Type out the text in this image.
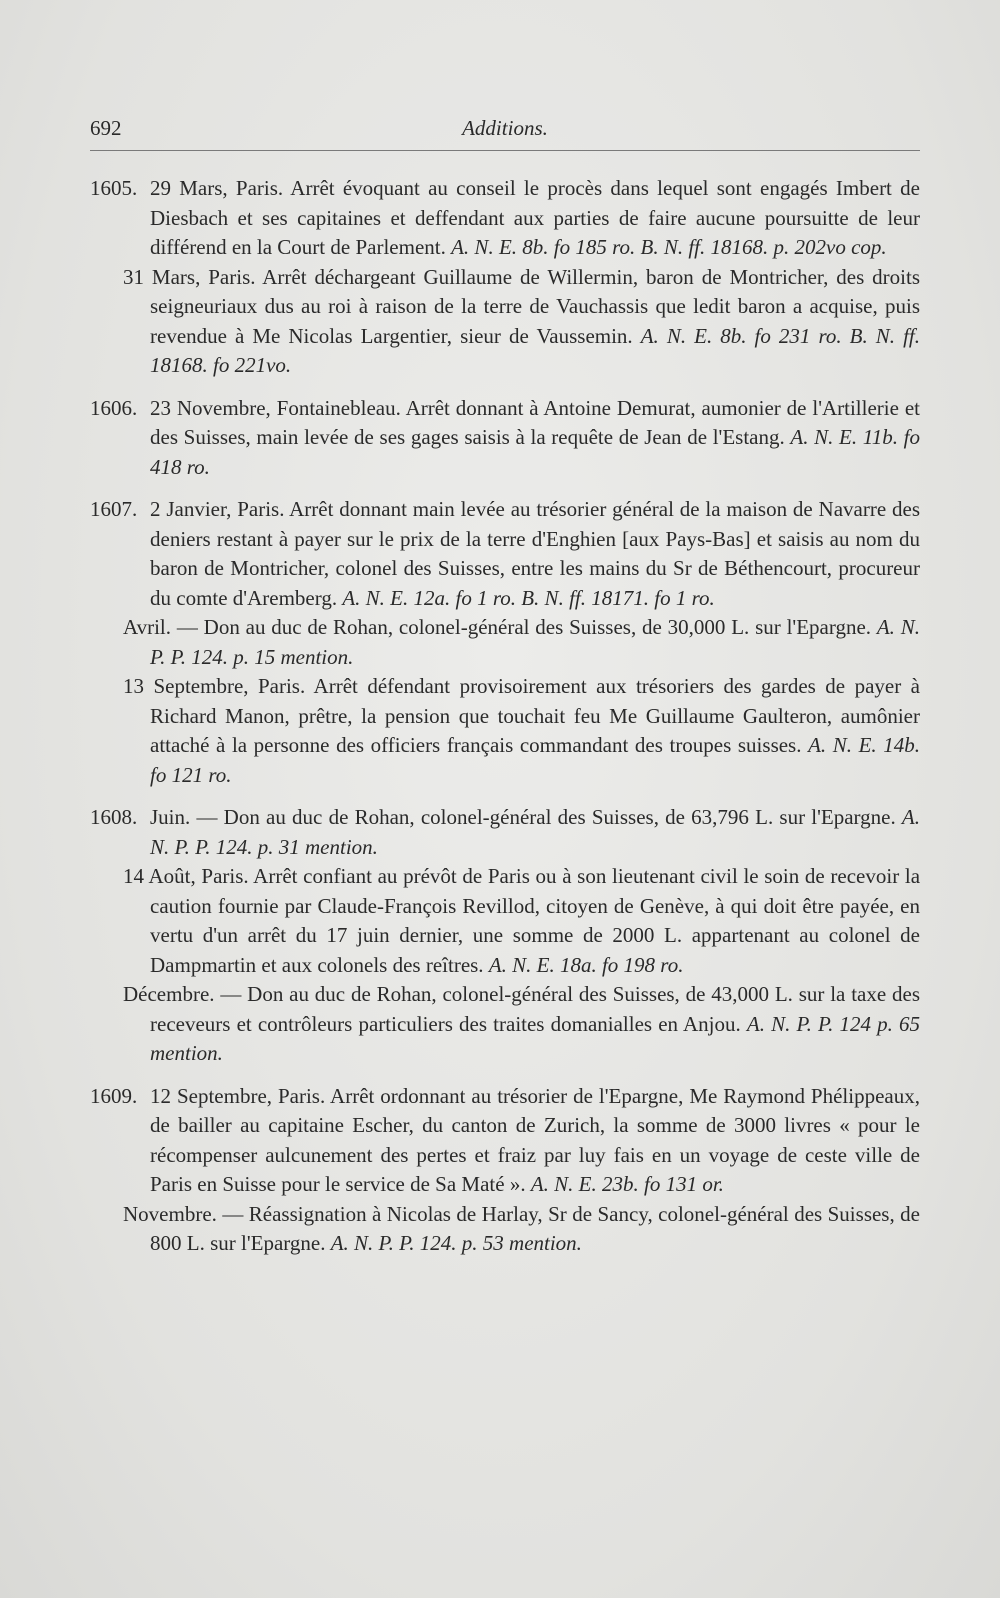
692	Additions.
1605. 29 Mars, Paris. Arrêt évoquant au conseil le procès dans lequel sont engagés Imbert de Diesbach et ses capitaines et deffendant aux parties de faire aucune poursuitte de leur différend en la Court de Parlement. A. N. E. 8b. fo 185 ro. B. N. ff. 18168. p. 202vo cop.

31 Mars, Paris. Arrêt déchargeant Guillaume de Willermin, baron de Montricher, des droits seigneuriaux dus au roi à raison de la terre de Vauchassis que ledit baron a acquise, puis revendue à Me Nicolas Largentier, sieur de Vaussemin. A. N. E. 8b. fo 231 ro. B. N. ff. 18168. fo 221vo.

1606. 23 Novembre, Fontainebleau. Arrêt donnant à Antoine Demurat, aumonier de l'Artillerie et des Suisses, main levée de ses gages saisis à la requête de Jean de l'Estang. A. N. E. 11b. fo 418 ro.

1607. 2 Janvier, Paris. Arrêt donnant main levée au trésorier général de la maison de Navarre des deniers restant à payer sur le prix de la terre d'Enghien [aux Pays-Bas] et saisis au nom du baron de Montricher, colonel des Suisses, entre les mains du Sr de Béthencourt, procureur du comte d'Aremberg. A. N. E. 12a. fo 1 ro. B. N. ff. 18171. fo 1 ro.

Avril. — Don au duc de Rohan, colonel-général des Suisses, de 30,000 L. sur l'Epargne. A. N. P. P. 124. p. 15 mention.

13 Septembre, Paris. Arrêt défendant provisoirement aux trésoriers des gardes de payer à Richard Manon, prêtre, la pension que touchait feu Me Guillaume Gaulteron, aumônier attaché à la personne des officiers français commandant des troupes suisses. A. N. E. 14b. fo 121 ro.

1608. Juin. — Don au duc de Rohan, colonel-général des Suisses, de 63,796 L. sur l'Epargne. A. N. P. P. 124. p. 31 mention.

14 Août, Paris. Arrêt confiant au prévôt de Paris ou à son lieutenant civil le soin de recevoir la caution fournie par Claude-François Revillod, citoyen de Genève, à qui doit être payée, en vertu d'un arrêt du 17 juin dernier, une somme de 2000 L. appartenant au colonel de Dampmartin et aux colonels des reîtres. A. N. E. 18a. fo 198 ro.

Décembre. — Don au duc de Rohan, colonel-général des Suisses, de 43,000 L. sur la taxe des receveurs et contrôleurs particuliers des traites domanialles en Anjou. A. N. P. P. 124 p. 65 mention.

1609. 12 Septembre, Paris. Arrêt ordonnant au trésorier de l'Epargne, Me Raymond Phélippeaux, de bailler au capitaine Escher, du canton de Zurich, la somme de 3000 livres « pour le récompenser aulcunement des pertes et fraiz par luy fais en un voyage de ceste ville de Paris en Suisse pour le service de Sa Maté ». A. N. E. 23b. fo 131 or.

Novembre. — Réassignation à Nicolas de Harlay, Sr de Sancy, colonel-général des Suisses, de 800 L. sur l'Epargne. A. N. P. P. 124. p. 53 mention.
